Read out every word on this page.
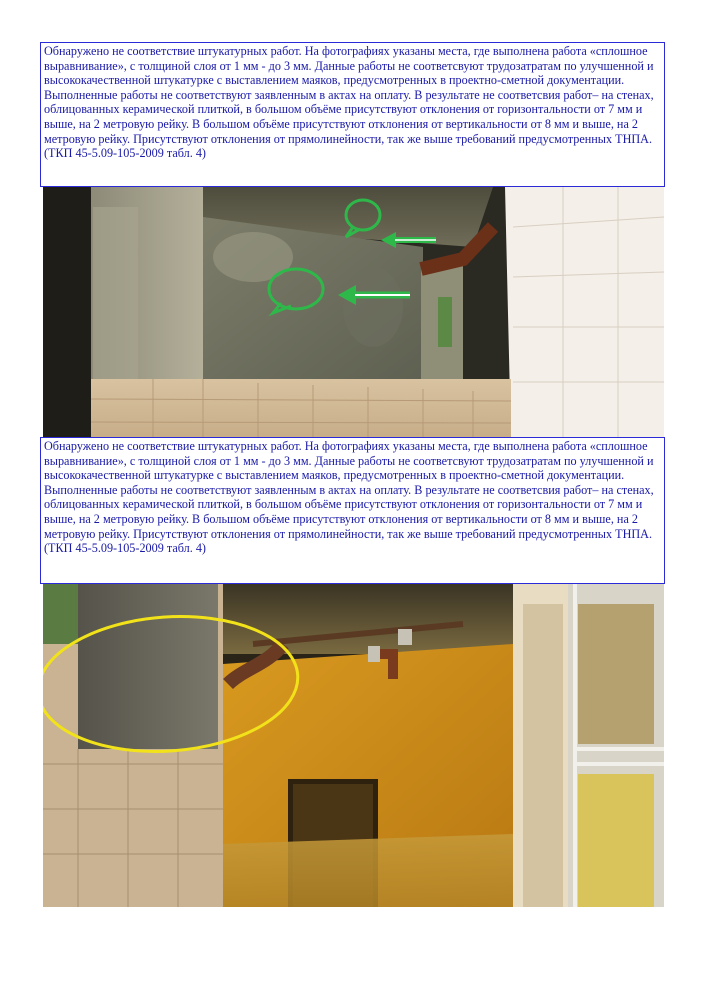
Обнаружено не соответствие штукатурных работ. На фотографиях указаны места, где выполнена работа «сплошное выравнивание», с толщиной слоя от 1 мм - до 3 мм. Данные работы не соответсвуют трудозатратам по улучшенной и высококачественной штукатурке с выставлением маяков, предусмотренных в проектно-сметной документации. Выполненные работы не соответствуют заявленным в актах на оплату. В результате не соответсвия работ– на стенах, облицованных керамической плиткой, в большом объёме присутствуют отклонения от горизонтальности от 7 мм и выше, на 2 метровую рейку. В большом объёме присутствуют отклонения от вертикальности от 8 мм и выше, на 2 метровую рейку. Присутствуют отклонения от прямолинейности, так же выше требований предусмотренных ТНПА. (ТКП 45-5.09-105-2009 табл. 4)
Обнаружено не соответствие штукатурных работ. На фотографиях указаны места, где выполнена работа «сплошное выравнивание», с толщиной слоя от 1 мм - до 3 мм. Данные работы не соответсвуют трудозатратам по улучшенной и высококачественной штукатурке с выставлением маяков, предусмотренных в проектно-сметной документации. Выполненные работы не соответствуют заявленным в актах на оплату. В результате не соответсвия работ– на стенах, облицованных керамической плиткой, в большом объёме присутствуют отклонения от горизонтальности от 7 мм и выше, на 2 метровую рейку. В большом объёме присутствуют отклонения от вертикальности от 8 мм и выше, на 2 метровую рейку. Присутствуют отклонения от прямолинейности, так же выше требований предусмотренных ТНПА. (ТКП 45-5.09-105-2009 табл. 4)
